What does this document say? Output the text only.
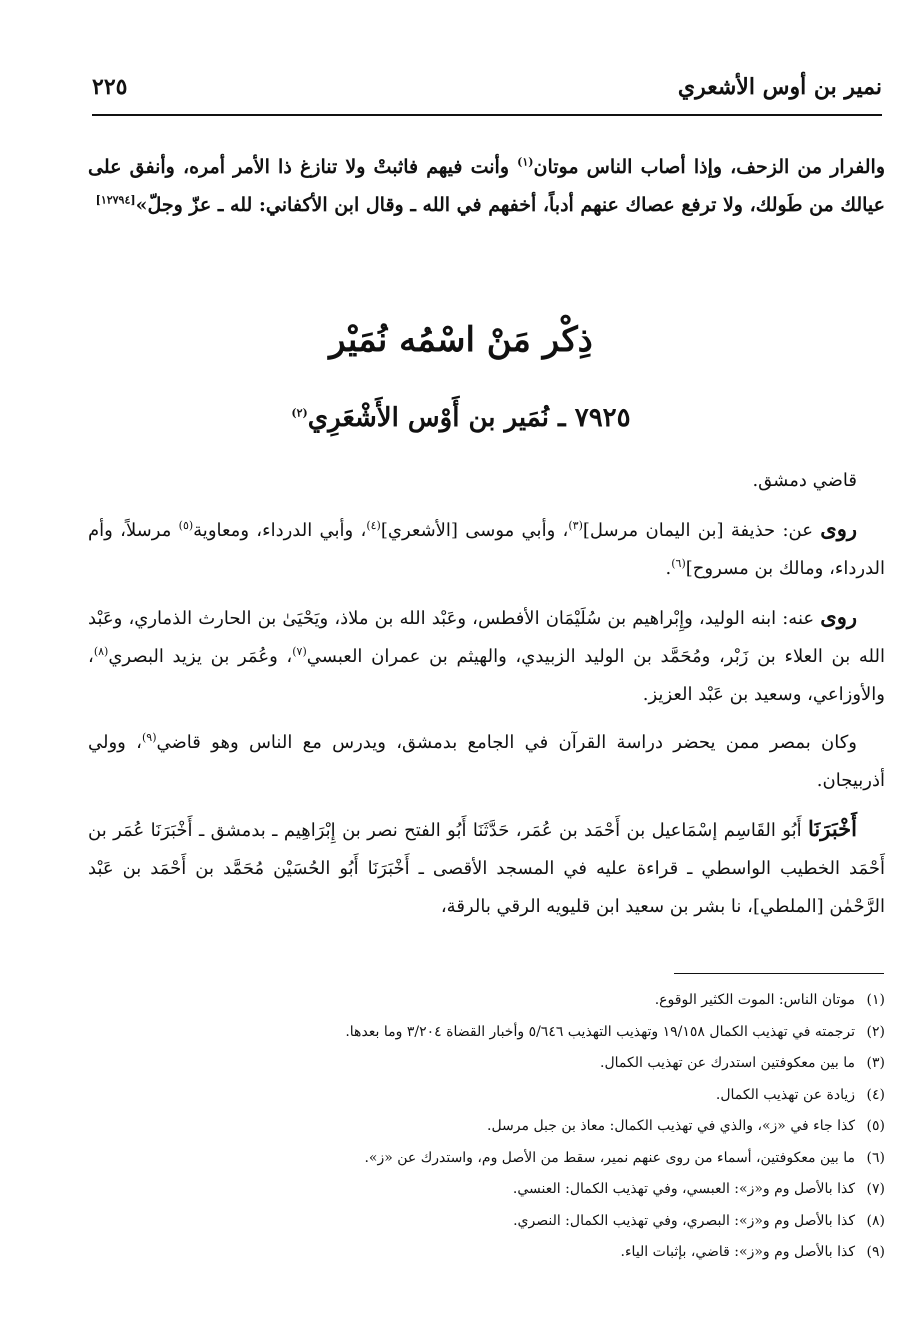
نمير بن أوس الأشعري
٢٢٥
والفرار من الزحف، وإذا أصاب الناس موتان$^{(١)}$ وأنت فيهم فاثبتْ ولا تنازغ ذا الأمر أمره، وأنفق على عيالك من طَولك، ولا ترفع عصاك عنهم أدباً، أخفهم في الله ـ وقال ابن الأكفاني: لله ـ عزّ وجلّ»[١٢٧٩٤]
ذِكْر مَنْ اسْمُه نُمَيْر
٧٩٢٥ ـ نُمَير بن أَوْس الأَشْعَرِي$^{(٢)}$

قاضي دمشق.

روى عن: حذيفة [بن اليمان مرسل]$^{(٣)}$، وأبي موسى [الأشعري]$^{(٤)}$، وأبي الدرداء، ومعاوية$^{(٥)}$ مرسلاً، وأم الدرداء، ومالك بن مسروح]$^{(٦)}$.

روى عنه: ابنه الوليد، وإِبْراهيم بن سُلَيْمَان الأفطس، وعَبْد الله بن ملاذ، ويَحْيَىٰ بن الحارث الذماري، وعَبْد الله بن العلاء بن زَبْر، ومُحَمَّد بن الوليد الزبيدي، والهيثم بن عمران العبسي$^{(٧)}$، وعُمَر بن يزيد البصري$^{(٨)}$، والأوزاعي، وسعيد بن عَبْد العزيز.

وكان بمصر ممن يحضر دراسة القرآن في الجامع بدمشق، ويدرس مع الناس وهو قاضي$^{(٩)}$، وولي أذربيجان.

أَخْبَرَنَا أَبُو القَاسِم إسْمَاعيل بن أَحْمَد بن عُمَر، حَدَّثَنَا أَبُو الفتح نصر بن إِبْرَاهِيم ـ بدمشق ـ أَخْبَرَنَا عُمَر بن أَحْمَد الخطيب الواسطي ـ قراءة عليه في المسجد الأقصى ـ أَخْبَرَنَا أَبُو الحُسَيْن مُحَمَّد بن أَحْمَد بن عَبْد الرَّحْمٰن [الملطي]، نا بشر بن سعيد ابن قليويه الرقي بالرقة،

(١)موتان الناس: الموت الكثير الوقوع.
(٢)ترجمته في تهذيب الكمال ١٩/١٥٨ وتهذيب التهذيب ٥/٦٤٦ وأخبار القضاة ٣/٢٠٤ وما بعدها.
(٣)ما بين معكوفتين استدرك عن تهذيب الكمال.
(٤)زيادة عن تهذيب الكمال.
(٥)كذا جاء في «ز»، والذي في تهذيب الكمال: معاذ بن جبل مرسل.
(٦)ما بين معكوفتين، أسماء من روى عنهم نمير، سقط من الأصل وم، واستدرك عن «ز».
(٧)كذا بالأصل وم و«ز»: العبسي، وفي تهذيب الكمال: العنسي.
(٨)كذا بالأصل وم و«ز»: البصري، وفي تهذيب الكمال: النصري.
(٩)كذا بالأصل وم و«ز»: قاضي، بإثبات الياء.
